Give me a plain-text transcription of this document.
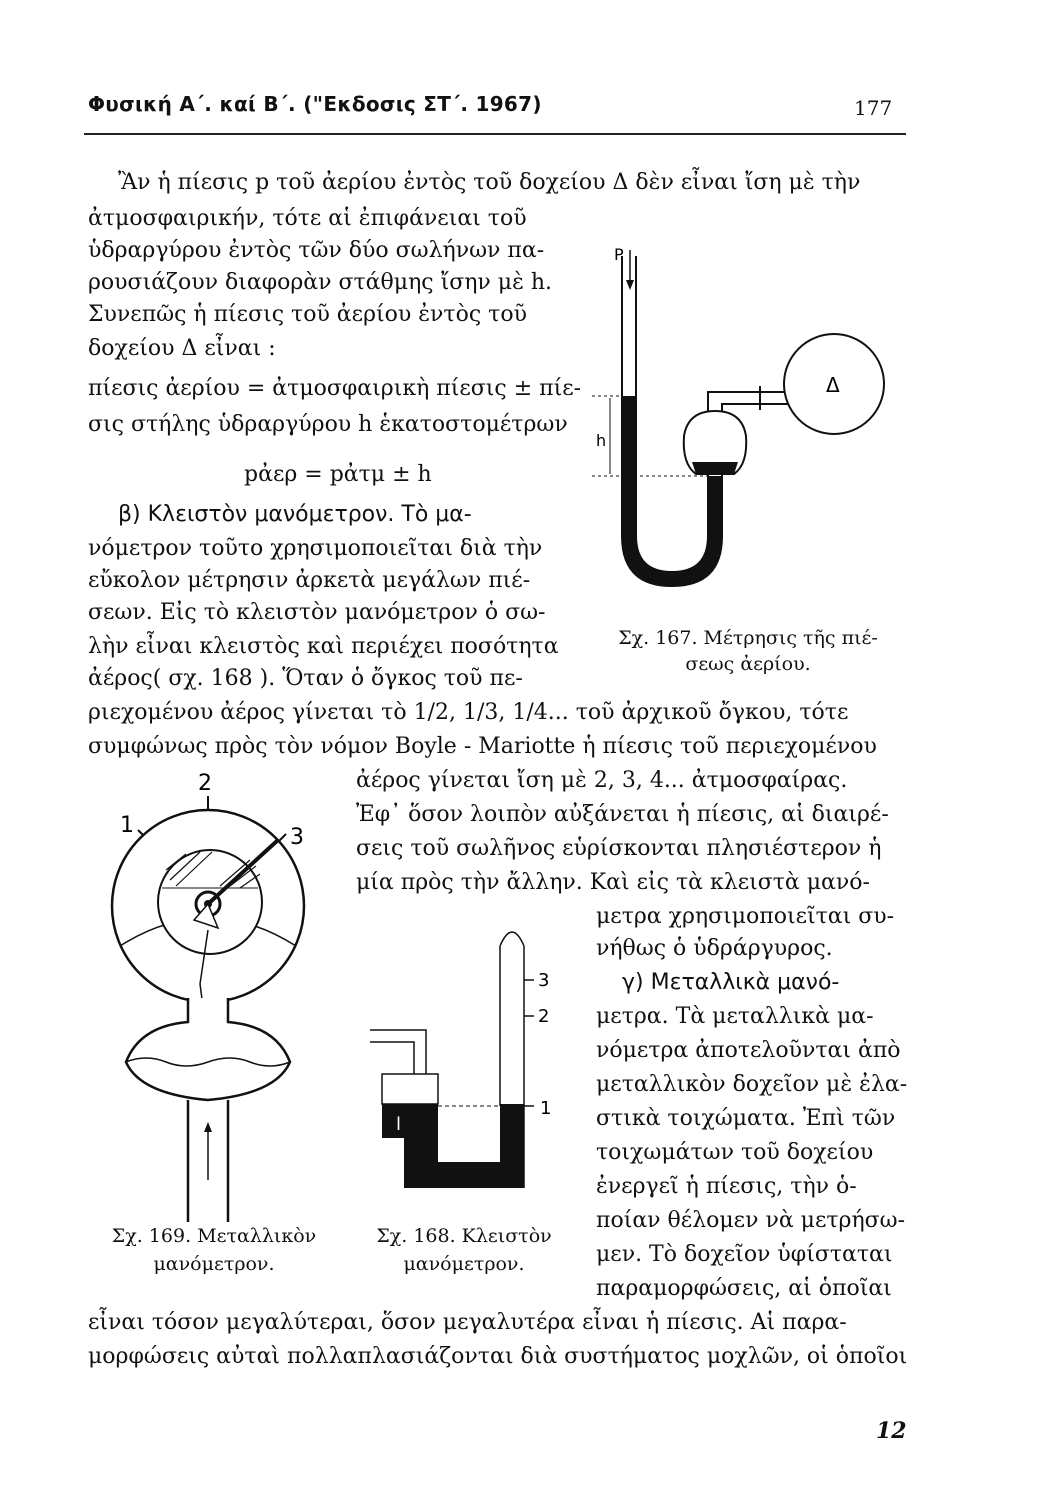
Φυσική Α΄. καί Β΄. ("Εκδοσις ΣΤ΄. 1967)	177
Ἂν ἡ πίεσις p τοῦ ἀερίου ἐντὸς τοῦ δοχείου Δ δὲν εἶναι ἴση μὲ τὴν
ἀτμοσφαιρικήν, τότε αἱ ἐπιφάνειαι τοῦ
ὑδραργύρου ἐντὸς τῶν δύο σωλήνων πα-
ρουσιάζουν διαφορὰν στάθμης ἴσην μὲ h.
Συνεπῶς ἡ πίεσις τοῦ ἀερίου ἐντὸς τοῦ
δοχείου Δ εἶναι :
πίεσις ἀερίου = ἀτμοσφαιρικὴ πίεσις ± πίε-
σις στήλης ὑδραργύρου h ἑκατοστομέτρων
pἀερ = pἀτμ ± h
β) Κλειστὸν μανόμετρον. Τὸ μα-
νόμετρον τοῦτο χρησιμοποιεῖται διὰ τὴν
εὔκολον μέτρησιν ἀρκετὰ μεγάλων πιέ-
σεων. Εἰς τὸ κλειστὸν μανόμετρον ὁ σω-
λὴν εἶναι κλειστὸς καὶ περιέχει ποσότητα
ἀέρος( σχ. 168 ). Ὅταν ὁ ὄγκος τοῦ πε-
ριεχομένου ἀέρος γίνεται τὸ 1/2, 1/3, 1/4... τοῦ ἀρχικοῦ ὄγκου, τότε
συμφώνως πρὸς τὸν νόμον Boyle - Mariotte ἡ πίεσις τοῦ περιεχομένου
ἀέρος γίνεται ἴση μὲ 2, 3, 4... ἀτμοσφαίρας.
Ἐφ᾽ ὅσον λοιπὸν αὐξάνεται ἡ πίεσις, αἱ διαιρέ-
σεις τοῦ σωλῆνος εὑρίσκονται πλησιέστερον ἡ
μία πρὸς τὴν ἄλλην. Καὶ εἰς τὰ κλειστὰ μανό-
μετρα χρησιμοποιεῖται συ-
νήθως ὁ ὑδράργυρος.
γ) Μεταλλικὰ μανό-
μετρα. Τὰ μεταλλικὰ μα-
νόμετρα ἀποτελοῦνται ἀπὸ
μεταλλικὸν δοχεῖον μὲ ἐλα-
στικὰ τοιχώματα. Ἐπὶ τῶν
τοιχωμάτων τοῦ δοχείου
ἐνεργεῖ ἡ πίεσις, τὴν ὁ-
ποίαν θέλομεν νὰ μετρήσω-
μεν. Τὸ δοχεῖον ὑφίσταται
παραμορφώσεις, αἱ ὁποῖαι
εἶναι τόσον μεγαλύτεραι, ὅσον μεγαλυτέρα εἶναι ἡ πίεσις. Αἱ παρα-
μορφώσεις αὐταὶ πολλαπλασιάζονται διὰ συστήματος μοχλῶν, οἱ ὁποῖοι
P
Δ
h
Σχ. 167. Μέτρησις τῆς πιέ-
σεως ἀερίου.
2
1	3
Σχ. 169. Μεταλλικὸν
μανόμετρον.
3
2
1
l
Σχ. 168. Κλειστὸν
μανόμετρον.
12
